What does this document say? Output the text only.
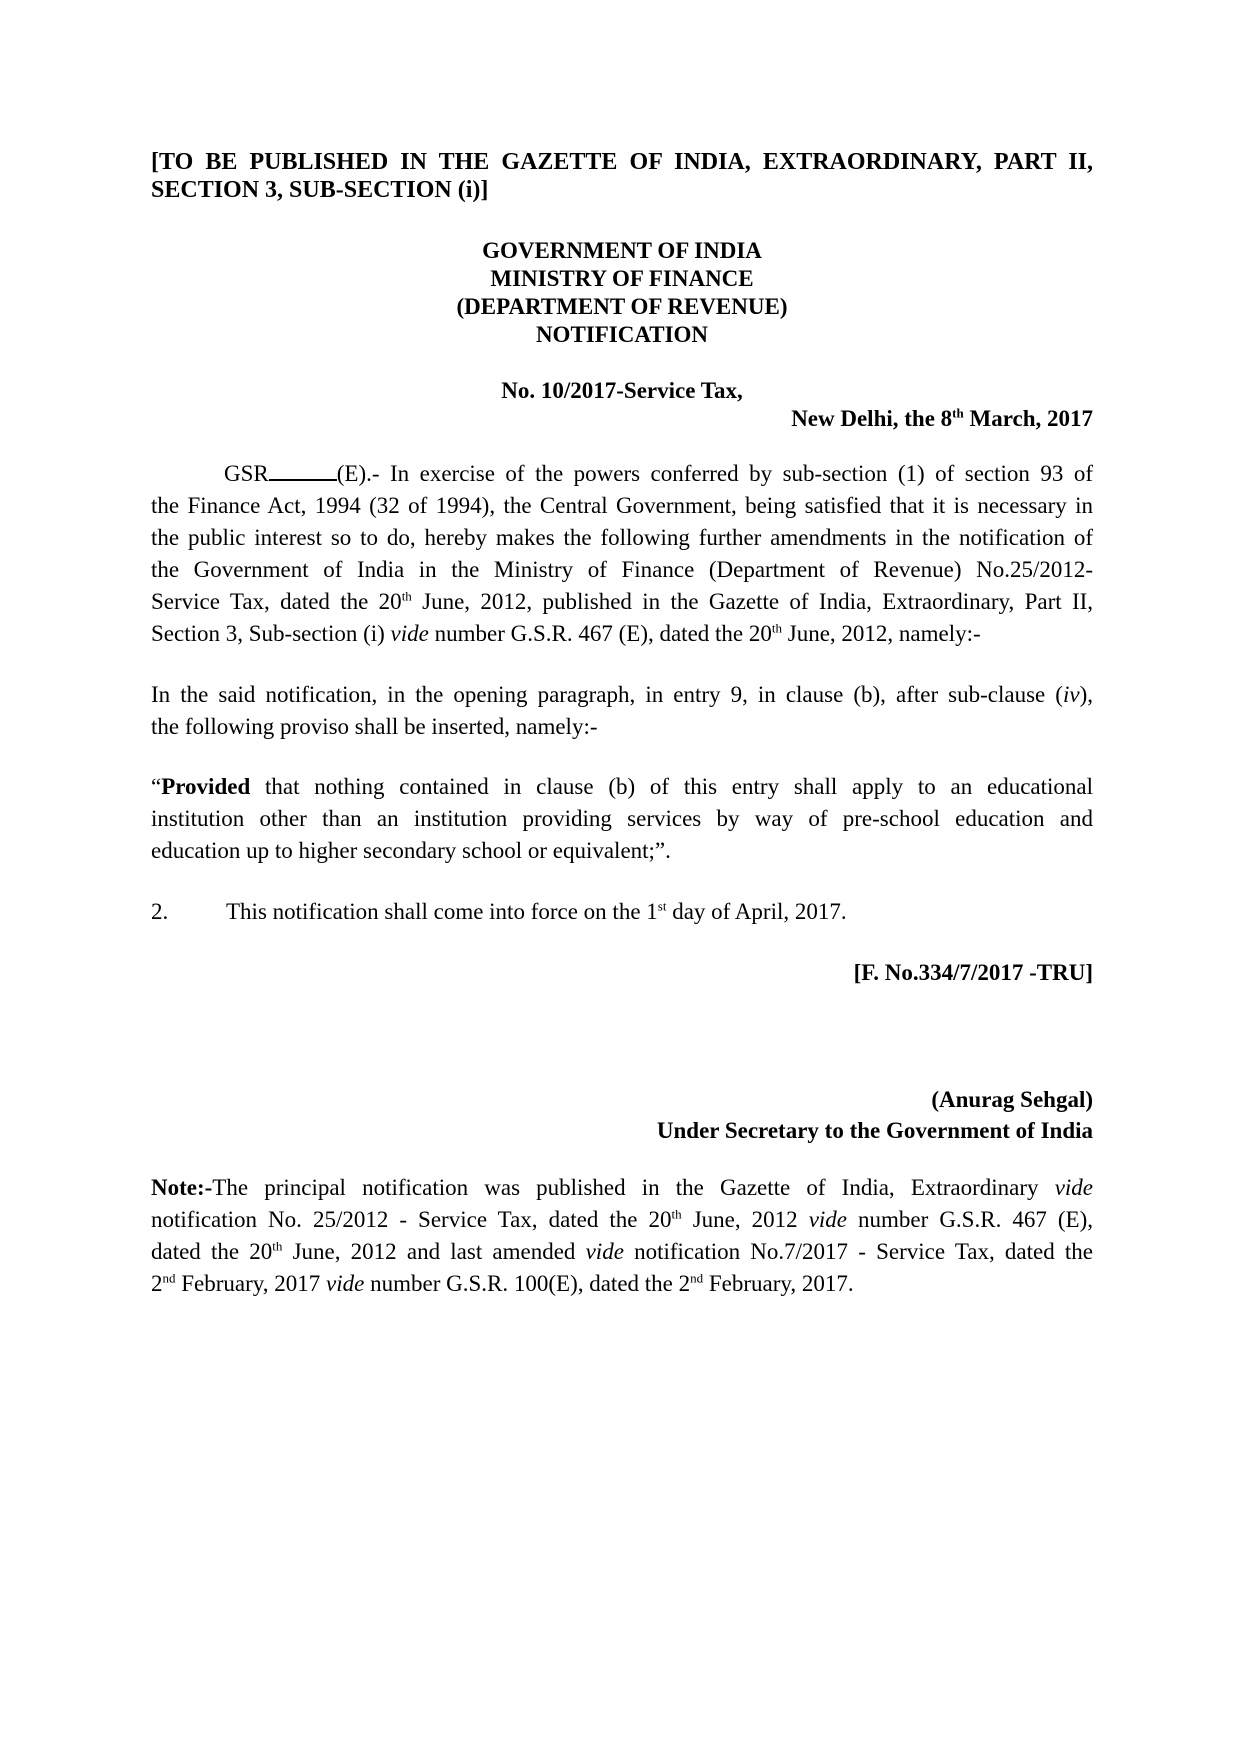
[TO BE PUBLISHED IN THE GAZETTE OF INDIA, EXTRAORDINARY, PART II,
SECTION 3, SUB-SECTION (i)]
GOVERNMENT OF INDIA
MINISTRY OF FINANCE
(DEPARTMENT OF REVENUE)
NOTIFICATION
No. 10/2017-Service Tax,
New Delhi, the 8th March, 2017
GSR	(E).- In exercise of the powers conferred by sub-section (1) of section 93 of
the Finance Act, 1994 (32 of 1994), the Central Government, being satisfied that it is necessary in
the public interest so to do, hereby makes the following further amendments in the notification of
the Government of India in the Ministry of Finance (Department of Revenue) No.25/2012-
Service Tax, dated the 20th June, 2012, published in the Gazette of India, Extraordinary, Part II,
Section 3, Sub-section (i) vide number G.S.R. 467 (E), dated the 20th June, 2012, namely:-
In the said notification, in the opening paragraph, in entry 9, in clause (b), after sub-clause (iv),
the following proviso shall be inserted, namely:-
“Provided that nothing contained in clause (b) of this entry shall apply to an educational
institution other than an institution providing services by way of pre-school education and
education up to higher secondary school or equivalent;”.
2.	This notification shall come into force on the 1st day of April, 2017.
[F. No.334/7/2017 -TRU]
(Anurag Sehgal)
Under Secretary to the Government of India
Note:-The principal notification was published in the Gazette of India, Extraordinary vide
notification No. 25/2012 - Service Tax, dated the 20th June, 2012 vide number G.S.R. 467 (E),
dated the 20th June, 2012 and last amended vide notification No.7/2017 - Service Tax, dated the
2nd February, 2017 vide number G.S.R. 100(E), dated the 2nd February, 2017.
